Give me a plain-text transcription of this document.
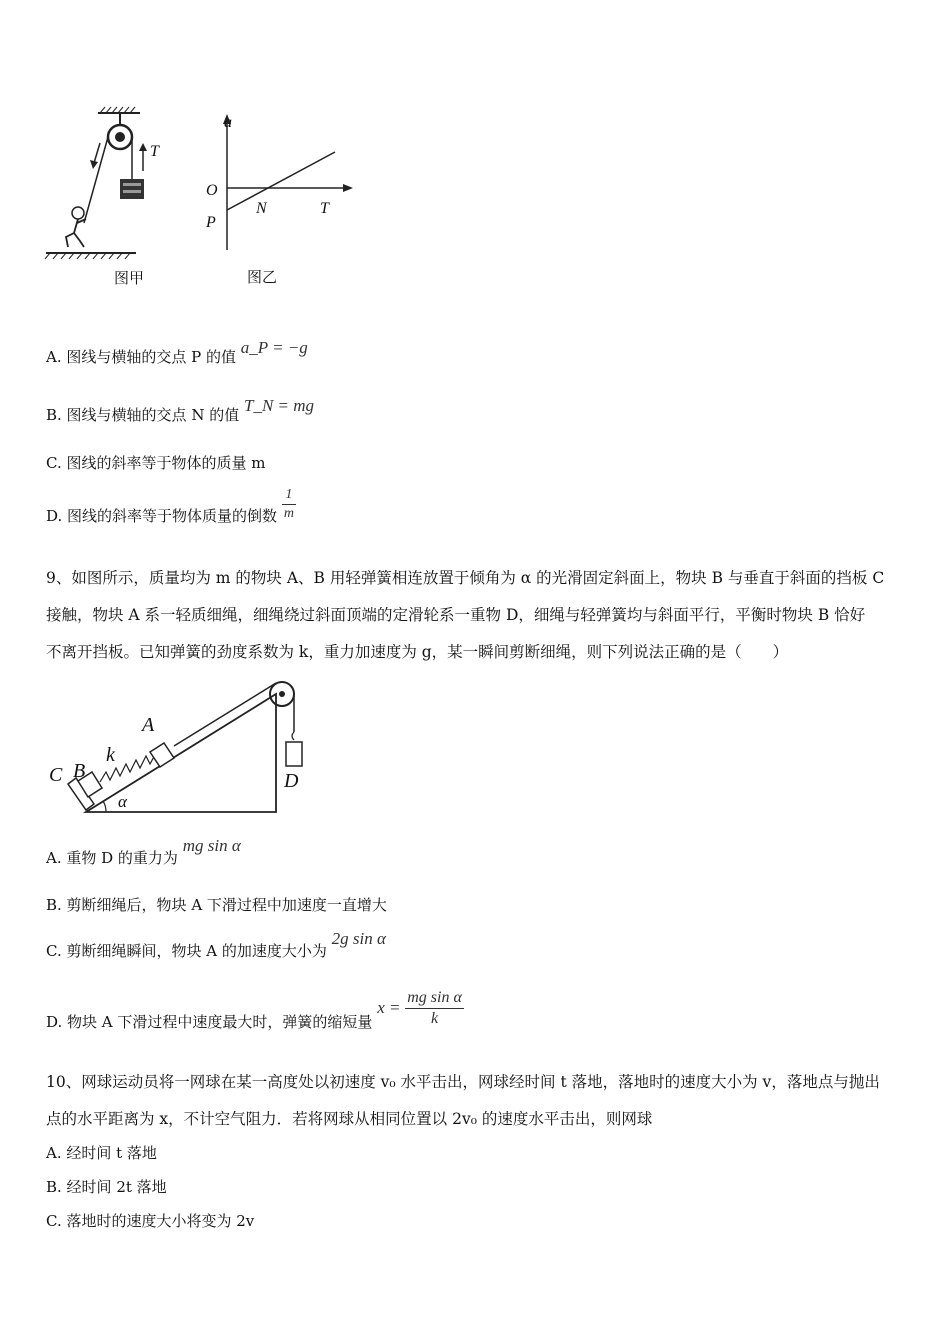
T
图甲
a
O
P
N	T
图乙
A. 图线与横轴的交点 P 的值 a_P = −g
B. 图线与横轴的交点 N 的值 T_N = mg
C. 图线的斜率等于物体的质量 m
D. 图线的斜率等于物体质量的倒数 $\frac{1}{m}$
9、如图所示，质量均为 m 的物块 A、B 用轻弹簧相连放置于倾角为 α 的光滑固定斜面上，物块 B 与垂直于斜面的挡板 C
接触，物块 A 系一轻质细绳，细绳绕过斜面顶端的定滑轮系一重物 D，细绳与轻弹簧均与斜面平行，平衡时物块 B 恰好
不离开挡板。已知弹簧的劲度系数为 k，重力加速度为 g，某一瞬间剪断细绳，则下列说法正确的是（　　）
C B
k
A
D
α
A. 重物 D 的重力为 mg sin α
B. 剪断细绳后，物块 A 下滑过程中加速度一直增大
C. 剪断细绳瞬间，物块 A 的加速度大小为 2g sin α
D. 物块 A 下滑过程中速度最大时，弹簧的缩短量 $x = \frac{\text{mg sin α}}{k}$
10、网球运动员将一网球在某一高度处以初速度 v₀ 水平击出，网球经时间 t 落地，落地时的速度大小为 v，落地点与抛出
点的水平距离为 x，不计空气阻力．若将网球从相同位置以 2v₀ 的速度水平击出，则网球
A. 经时间 t 落地
B. 经时间 2t 落地
C. 落地时的速度大小将变为 2v
